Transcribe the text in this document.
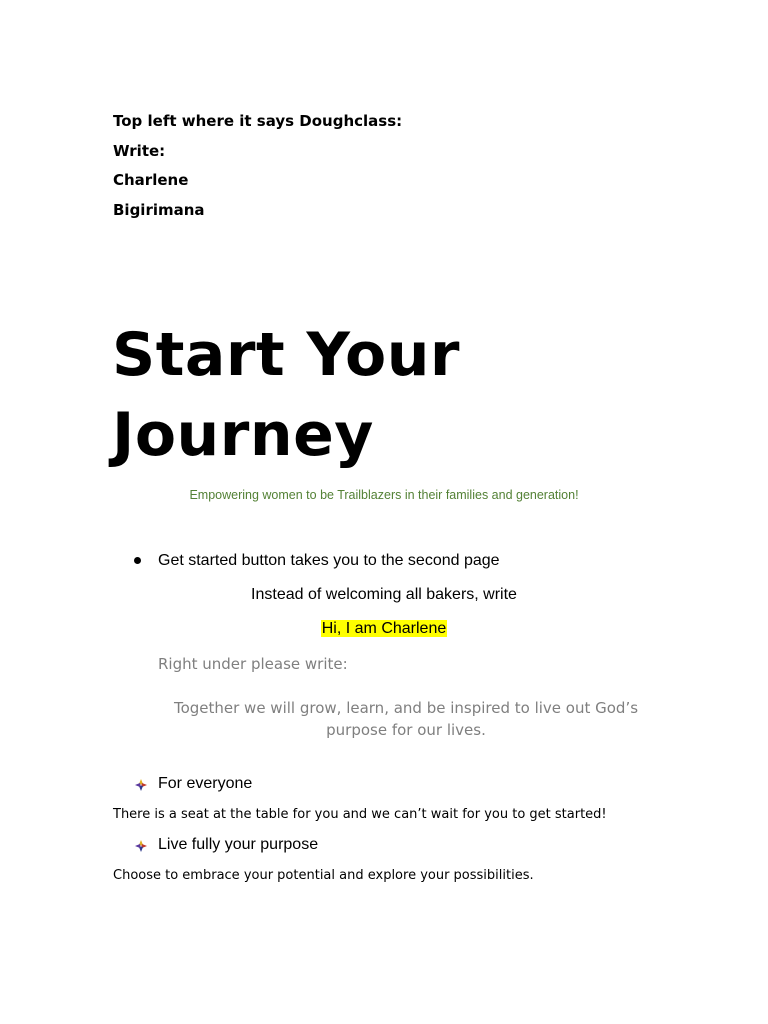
Top left where it says Doughclass:

Write:

Charlene

Bigirimana

Start Your
Journey

Empowering women to be Trailblazers in their families and generation!

Get started button takes you to the second page

Instead of welcoming all bakers, write

Hi, I am Charlene

Right under please write:

Together we will grow, learn, and be inspired to live out God’s purpose for our lives.

For everyone

There is a seat at the table for you and we can’t wait for you to get started!

Live fully your purpose

Choose to embrace your potential and explore your possibilities.
